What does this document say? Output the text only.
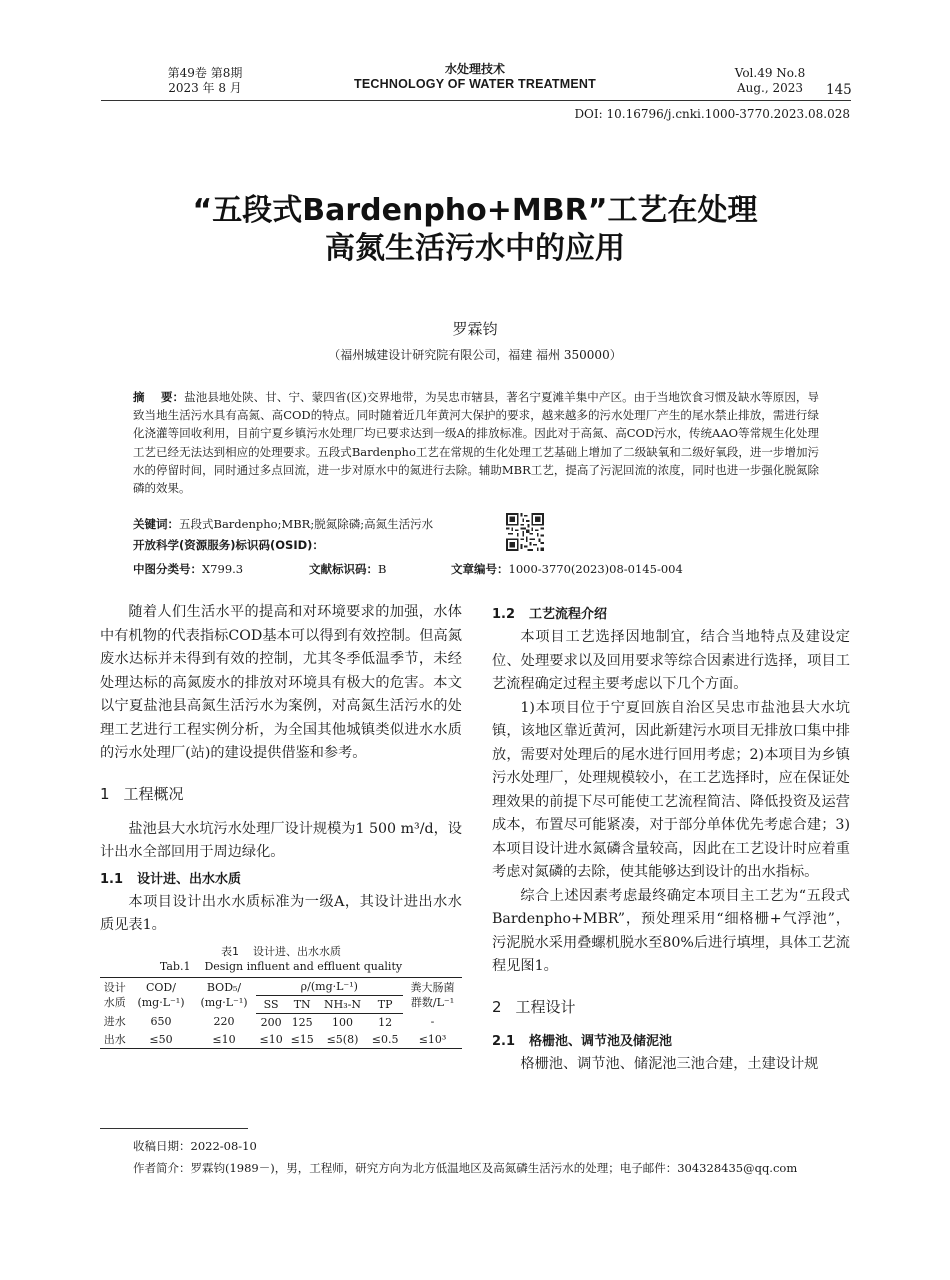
第49卷 第8期
2023 年 8 月
水处理技术
TECHNOLOGY OF WATER TREATMENT
Vol.49 No.8
Aug., 2023	145
DOI: 10.16796/j.cnki.1000-3770.2023.08.028
“五段式Bardenpho+MBR”工艺在处理
高氮生活污水中的应用
罗霖钧
（福州城建设计研究院有限公司，福建 福州 350000）
摘    要：盐池县地处陕、甘、宁、蒙四省(区)交界地带，为吴忠市辖县，著名宁夏滩羊集中产区。由于当地饮食习惯及缺水等原因，导致当地生活污水具有高氮、高COD的特点。同时随着近几年黄河大保护的要求，越来越多的污水处理厂产生的尾水禁止排放，需进行绿化浇灌等回收利用，目前宁夏乡镇污水处理厂均已要求达到一级A的排放标准。因此对于高氮、高COD污水，传统AAO等常规生化处理工艺已经无法达到相应的处理要求。五段式Bardenpho工艺在常规的生化处理工艺基础上增加了二级缺氧和二级好氧段，进一步增加污水的停留时间，同时通过多点回流，进一步对原水中的氮进行去除。辅助MBR工艺，提高了污泥回流的浓度，同时也进一步强化脱氮除磷的效果。
关键词：五段式Bardenpho;MBR;脱氮除磷;高氮生活污水
开放科学(资源服务)标识码(OSID)：
中图分类号：X799.3	文献标识码：B	文章编号：1000-3770(2023)08-0145-004

随着人们生活水平的提高和对环境要求的加强，水体中有机物的代表指标COD基本可以得到有效控制。但高氮废水达标并未得到有效的控制，尤其冬季低温季节，未经处理达标的高氮废水的排放对环境具有极大的危害。本文以宁夏盐池县高氮生活污水为案例，对高氮生活污水的处理工艺进行工程实例分析，为全国其他城镇类似进水水质的污水处理厂(站)的建设提供借鉴和参考。

1 工程概况

盐池县大水坑污水处理厂设计规模为1 500 m³/d，设计出水全部回用于周边绿化。

1.1 设计进、出水水质

本项目设计出水水质标准为一级A，其设计进出水水质见表1。

表1    设计进、出水水质
Tab.1    Design influent and effluent quality
设计
水质	COD/
(mg·L⁻¹)	BOD₅/
(mg·L⁻¹)	ρ/(mg·L⁻¹)				粪大肠菌
群数/L⁻¹
			SS	TN	NH₃-N	TP	
进水	650	220	200	125	100	12	-
出水	≤50	≤10	≤10	≤15	≤5(8)	≤0.5	≤10³
1.2 工艺流程介绍

本项目工艺选择因地制宜，结合当地特点及建设定位、处理要求以及回用要求等综合因素进行选择，项目工艺流程确定过程主要考虑以下几个方面。

1)本项目位于宁夏回族自治区吴忠市盐池县大水坑镇，该地区靠近黄河，因此新建污水项目无排放口集中排放，需要对处理后的尾水进行回用考虑；2)本项目为乡镇污水处理厂，处理规模较小，在工艺选择时，应在保证处理效果的前提下尽可能使工艺流程简洁、降低投资及运营成本，布置尽可能紧凑，对于部分单体优先考虑合建；3)本项目设计进水氮磷含量较高，因此在工艺设计时应着重考虑对氮磷的去除，使其能够达到设计的出水指标。

综合上述因素考虑最终确定本项目主工艺为“五段式Bardenpho+MBR”，预处理采用“细格栅+气浮池”，污泥脱水采用叠螺机脱水至80%后进行填埋，具体工艺流程见图1。

2 工程设计
2.1 格栅池、调节池及储泥池

格栅池、调节池、储泥池三池合建，土建设计规

收稿日期：2022-08-10
作者简介：罗霖钧(1989－)，男，工程师，研究方向为北方低温地区及高氮磷生活污水的处理；电子邮件：304328435@qq.com
